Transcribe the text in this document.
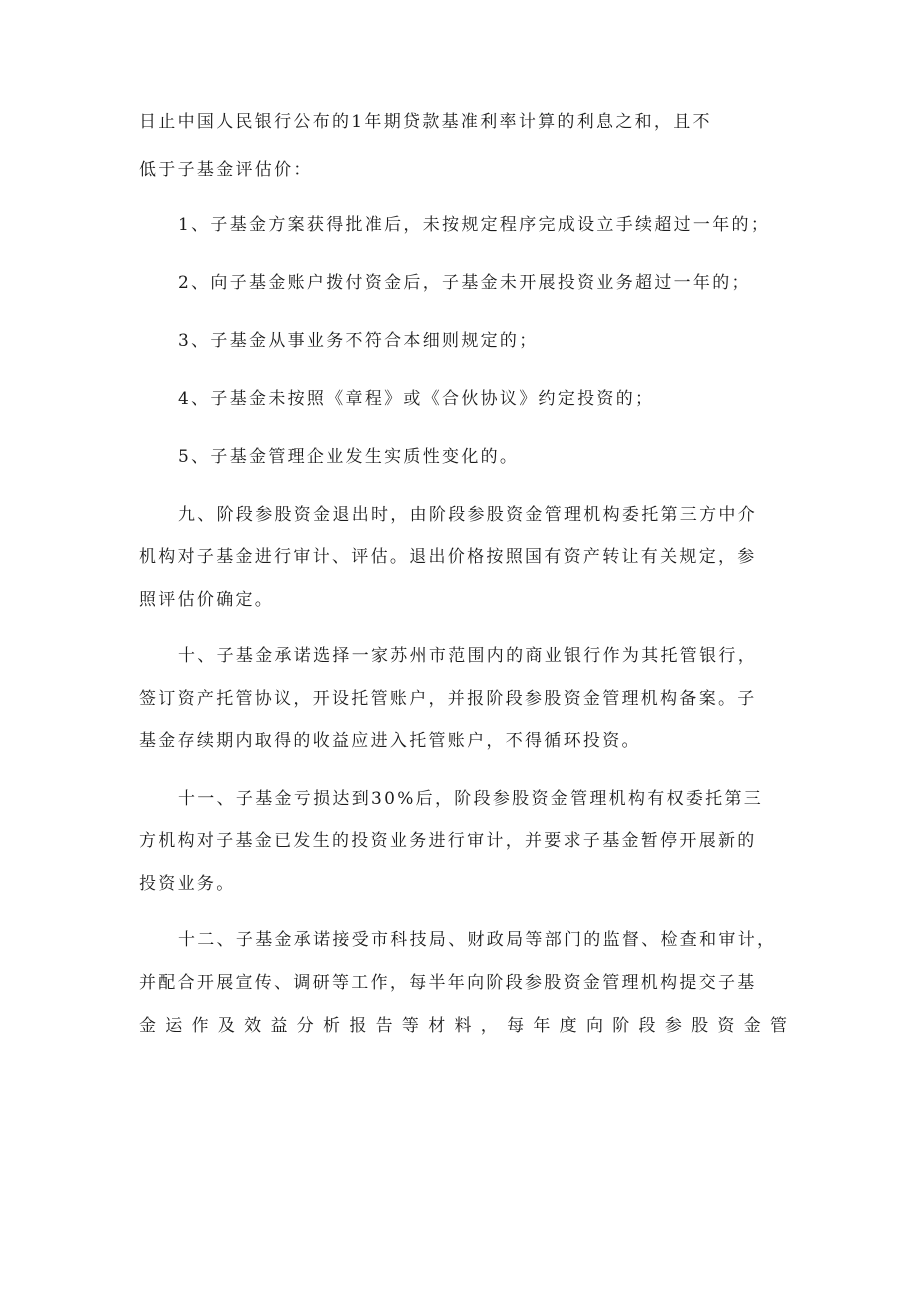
日止中国人民银行公布的1年期贷款基准利率计算的利息之和，且不
低于子基金评估价：
1、子基金方案获得批准后，未按规定程序完成设立手续超过一年的；
2、向子基金账户拨付资金后，子基金未开展投资业务超过一年的；
3、子基金从事业务不符合本细则规定的；
4、子基金未按照《章程》或《合伙协议》约定投资的；
5、子基金管理企业发生实质性变化的。
九、阶段参股资金退出时，由阶段参股资金管理机构委托第三方中介
机构对子基金进行审计、评估。退出价格按照国有资产转让有关规定，参
照评估价确定。
十、子基金承诺选择一家苏州市范围内的商业银行作为其托管银行，
签订资产托管协议，开设托管账户，并报阶段参股资金管理机构备案。子
基金存续期内取得的收益应进入托管账户，不得循环投资。
十一、子基金亏损达到30%后，阶段参股资金管理机构有权委托第三
方机构对子基金已发生的投资业务进行审计，并要求子基金暂停开展新的
投资业务。
十二、子基金承诺接受市科技局、财政局等部门的监督、检查和审计，
并配合开展宣传、调研等工作，每半年向阶段参股资金管理机构提交子基
金运作及效益分析报告等材料，每年度向阶段参股资金管
